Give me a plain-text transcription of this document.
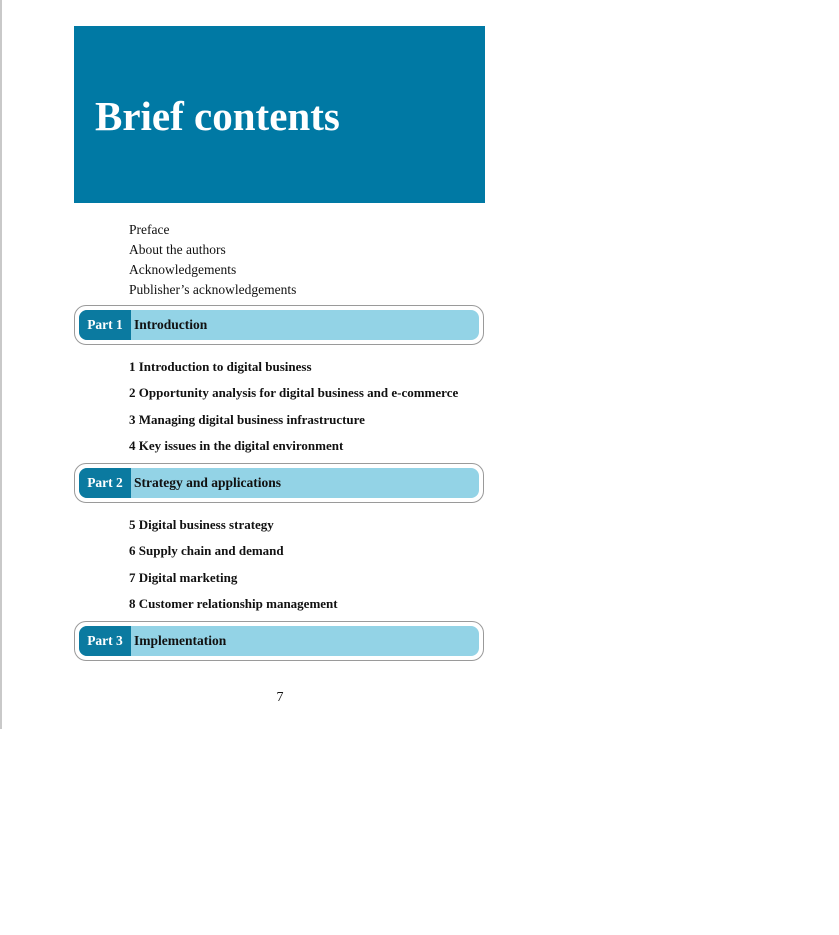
Brief contents
Preface
About the authors
Acknowledgements
Publisher’s acknowledgements
Part 1 Introduction
1 Introduction to digital business
2 Opportunity analysis for digital business and e-commerce
3 Managing digital business infrastructure
4 Key issues in the digital environment
Part 2 Strategy and applications
5 Digital business strategy
6 Supply chain and demand
7 Digital marketing
8 Customer relationship management
Part 3 Implementation
7
